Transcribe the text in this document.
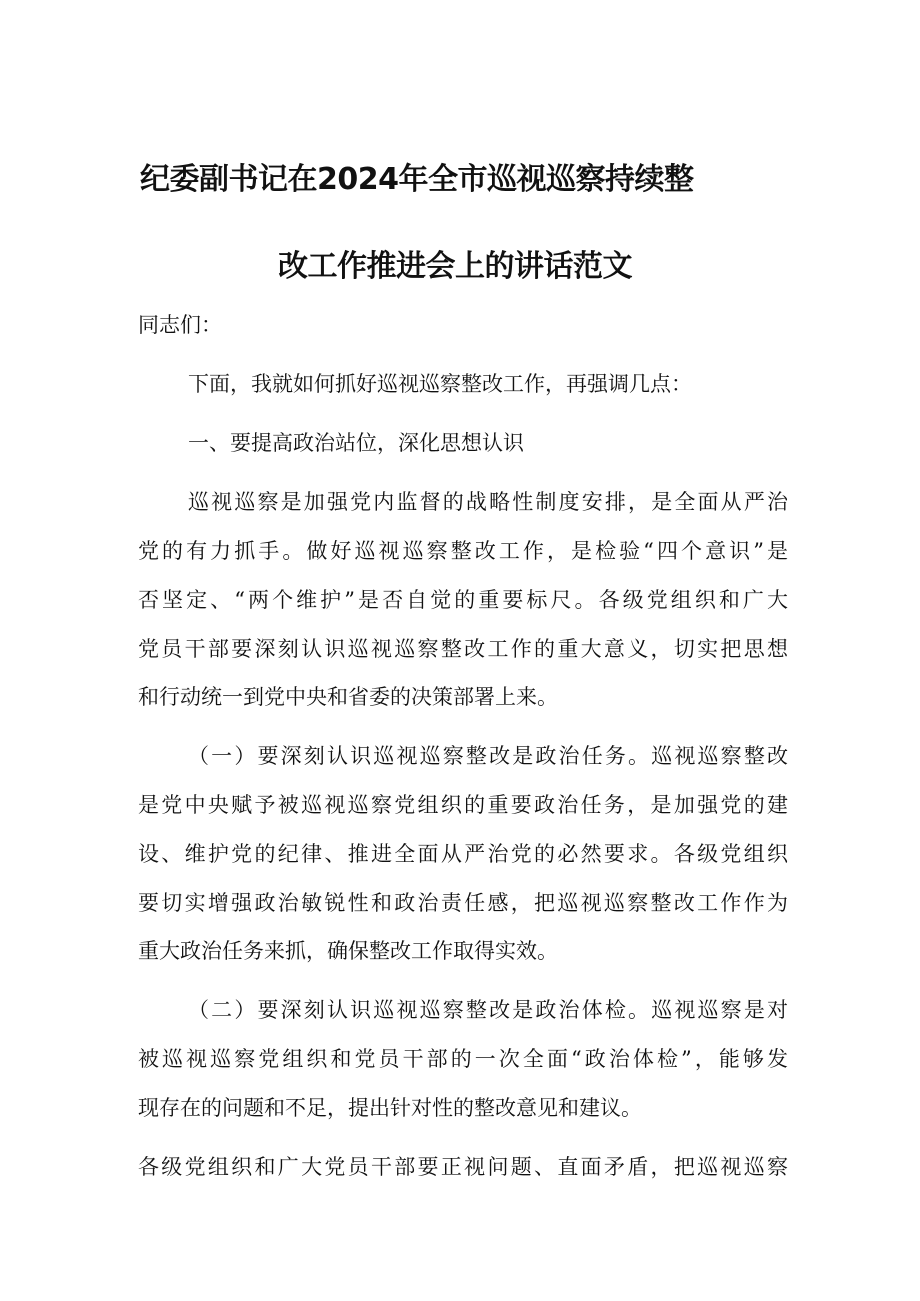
纪委副书记在2024年全市巡视巡察持续整
改工作推进会上的讲话范文
同志们：
下面，我就如何抓好巡视巡察整改工作，再强调几点：
一、要提高政治站位，深化思想认识
巡视巡察是加强党内监督的战略性制度安排，是全面从严治
党的有力抓手。做好巡视巡察整改工作，是检验“四个意识”是
否坚定、“两个维护”是否自觉的重要标尺。各级党组织和广大
党员干部要深刻认识巡视巡察整改工作的重大意义，切实把思想
和行动统一到党中央和省委的决策部署上来。
（一）要深刻认识巡视巡察整改是政治任务。巡视巡察整改
是党中央赋予被巡视巡察党组织的重要政治任务，是加强党的建
设、维护党的纪律、推进全面从严治党的必然要求。各级党组织
要切实增强政治敏锐性和政治责任感，把巡视巡察整改工作作为
重大政治任务来抓，确保整改工作取得实效。
（二）要深刻认识巡视巡察整改是政治体检。巡视巡察是对
被巡视巡察党组织和党员干部的一次全面“政治体检”，能够发
现存在的问题和不足，提出针对性的整改意见和建议。
各级党组织和广大党员干部要正视问题、直面矛盾，把巡视巡察
